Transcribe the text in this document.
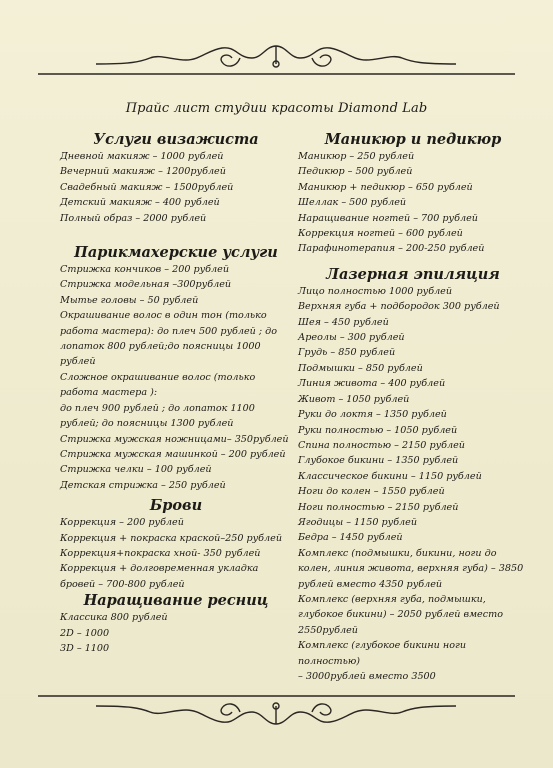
Прайс лист студии красоты Diamond Lab
Услуги визажиста
Дневной макияж – 1000 рублей
Вечерний макияж – 1200рублей
Свадебный макияж – 1500рублей
Детский макияж – 400 рублей
Полный образ – 2000 рублей
Парикмахерские услуги
Стрижка кончиков – 200 рублей
Стрижка модельная –300рублей
Мытье головы – 50 рублей
Окрашивание волос в один тон (только
работа мастера): до плеч 500 рублей ; до
лопаток 800 рублей;до поясницы 1000
рублей
Сложное окрашивание волос (только
работа мастера ):
до плеч 900 рублей ; до лопаток 1100
рублей; до поясницы 1300 рублей
Стрижка мужская ножницами– 350рублей
Стрижка мужская машинкой – 200 рублей
Стрижка челки – 100 рублей
Детская стрижка – 250 рублей
Брови
Коррекция – 200 рублей
Коррекция + покраска краской–250 рублей
Коррекция+покраска хной- 350 рублей
Коррекция + долговременная укладка
бровей – 700-800 рублей
Наращивание ресниц
Классика 800 рублей
2D – 1000
3D – 1100
Маникюр и педикюр
Маникюр – 250 рублей
Педикюр – 500 рублей
Маникюр + педикюр – 650 рублей
Шеллак – 500 рублей
Наращивание ногтей – 700 рублей
Коррекция ногтей – 600 рублей
Парафинотерапия – 200-250 рублей
Лазерная эпиляция
Лицо полностью 1000 рублей
Верхняя губа + подбородок 300 рублей
Шея – 450 рублей
Ареолы – 300 рублей
Грудь – 850 рублей
Подмышки – 850 рублей
Линия живота – 400 рублей
Живот – 1050 рублей
Руки до локтя – 1350 рублей
Руки полностью – 1050 рублей
Спина полностью – 2150 рублей
Глубокое бикини – 1350 рублей
Классическое бикини – 1150 рублей
Ноги до колен – 1550 рублей
Ноги полностью – 2150 рублей
Ягодицы – 1150 рублей
Бедра – 1450 рублей
Комплекс (подмышки, бикини, ноги до
колен, линия живота, верхняя губа) – 3850
рублей вместо 4350 рублей
Комплекс (верхняя губа, подмышки,
глубокое бикини) – 2050 рублей вместо
2550рублей
Комплекс (глубокое бикини ноги полностью)
– 3000рублей вместо 3500
